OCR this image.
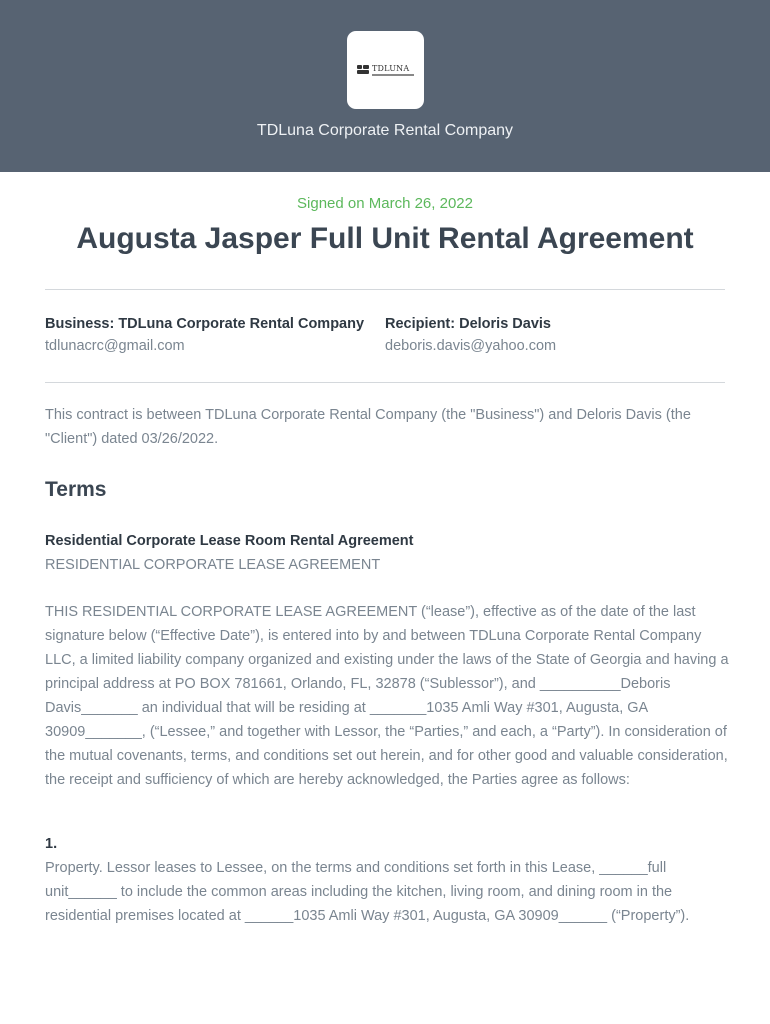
TDLUNA
TDLuna Corporate Rental Company
Signed on March 26, 2022
Augusta Jasper Full Unit Rental Agreement
Business: TDLuna Corporate Rental Company
tdlunacrc@gmail.com
Recipient: Deloris Davis
deboris.davis@yahoo.com
This contract is between TDLuna Corporate Rental Company (the "Business") and Deloris Davis (the "Client") dated 03/26/2022.
Terms
Residential Corporate Lease Room Rental Agreement
RESIDENTIAL CORPORATE LEASE AGREEMENT
THIS RESIDENTIAL CORPORATE LEASE AGREEMENT (“lease”), effective as of the date of the last signature below (“Effective Date”), is entered into by and between TDLuna Corporate Rental Company LLC, a limited liability company organized and existing under the laws of the State of Georgia and having a principal address at PO BOX 781661, Orlando, FL, 32878 (“Sublessor”), and __________Deboris Davis_______ an individual that will be residing at _______1035 Amli Way #301, Augusta, GA 30909_______, (“Lessee,” and together with Lessor, the “Parties,” and each, a “Party”). In consideration of the mutual covenants, terms, and conditions set out herein, and for other good and valuable consideration, the receipt and sufficiency of which are hereby acknowledged, the Parties agree as follows:
1.
Property. Lessor leases to Lessee, on the terms and conditions set forth in this Lease, ______full unit______ to include the common areas including the kitchen, living room, and dining room in the residential premises located at ______1035 Amli Way #301, Augusta, GA 30909______ (“Property”).
